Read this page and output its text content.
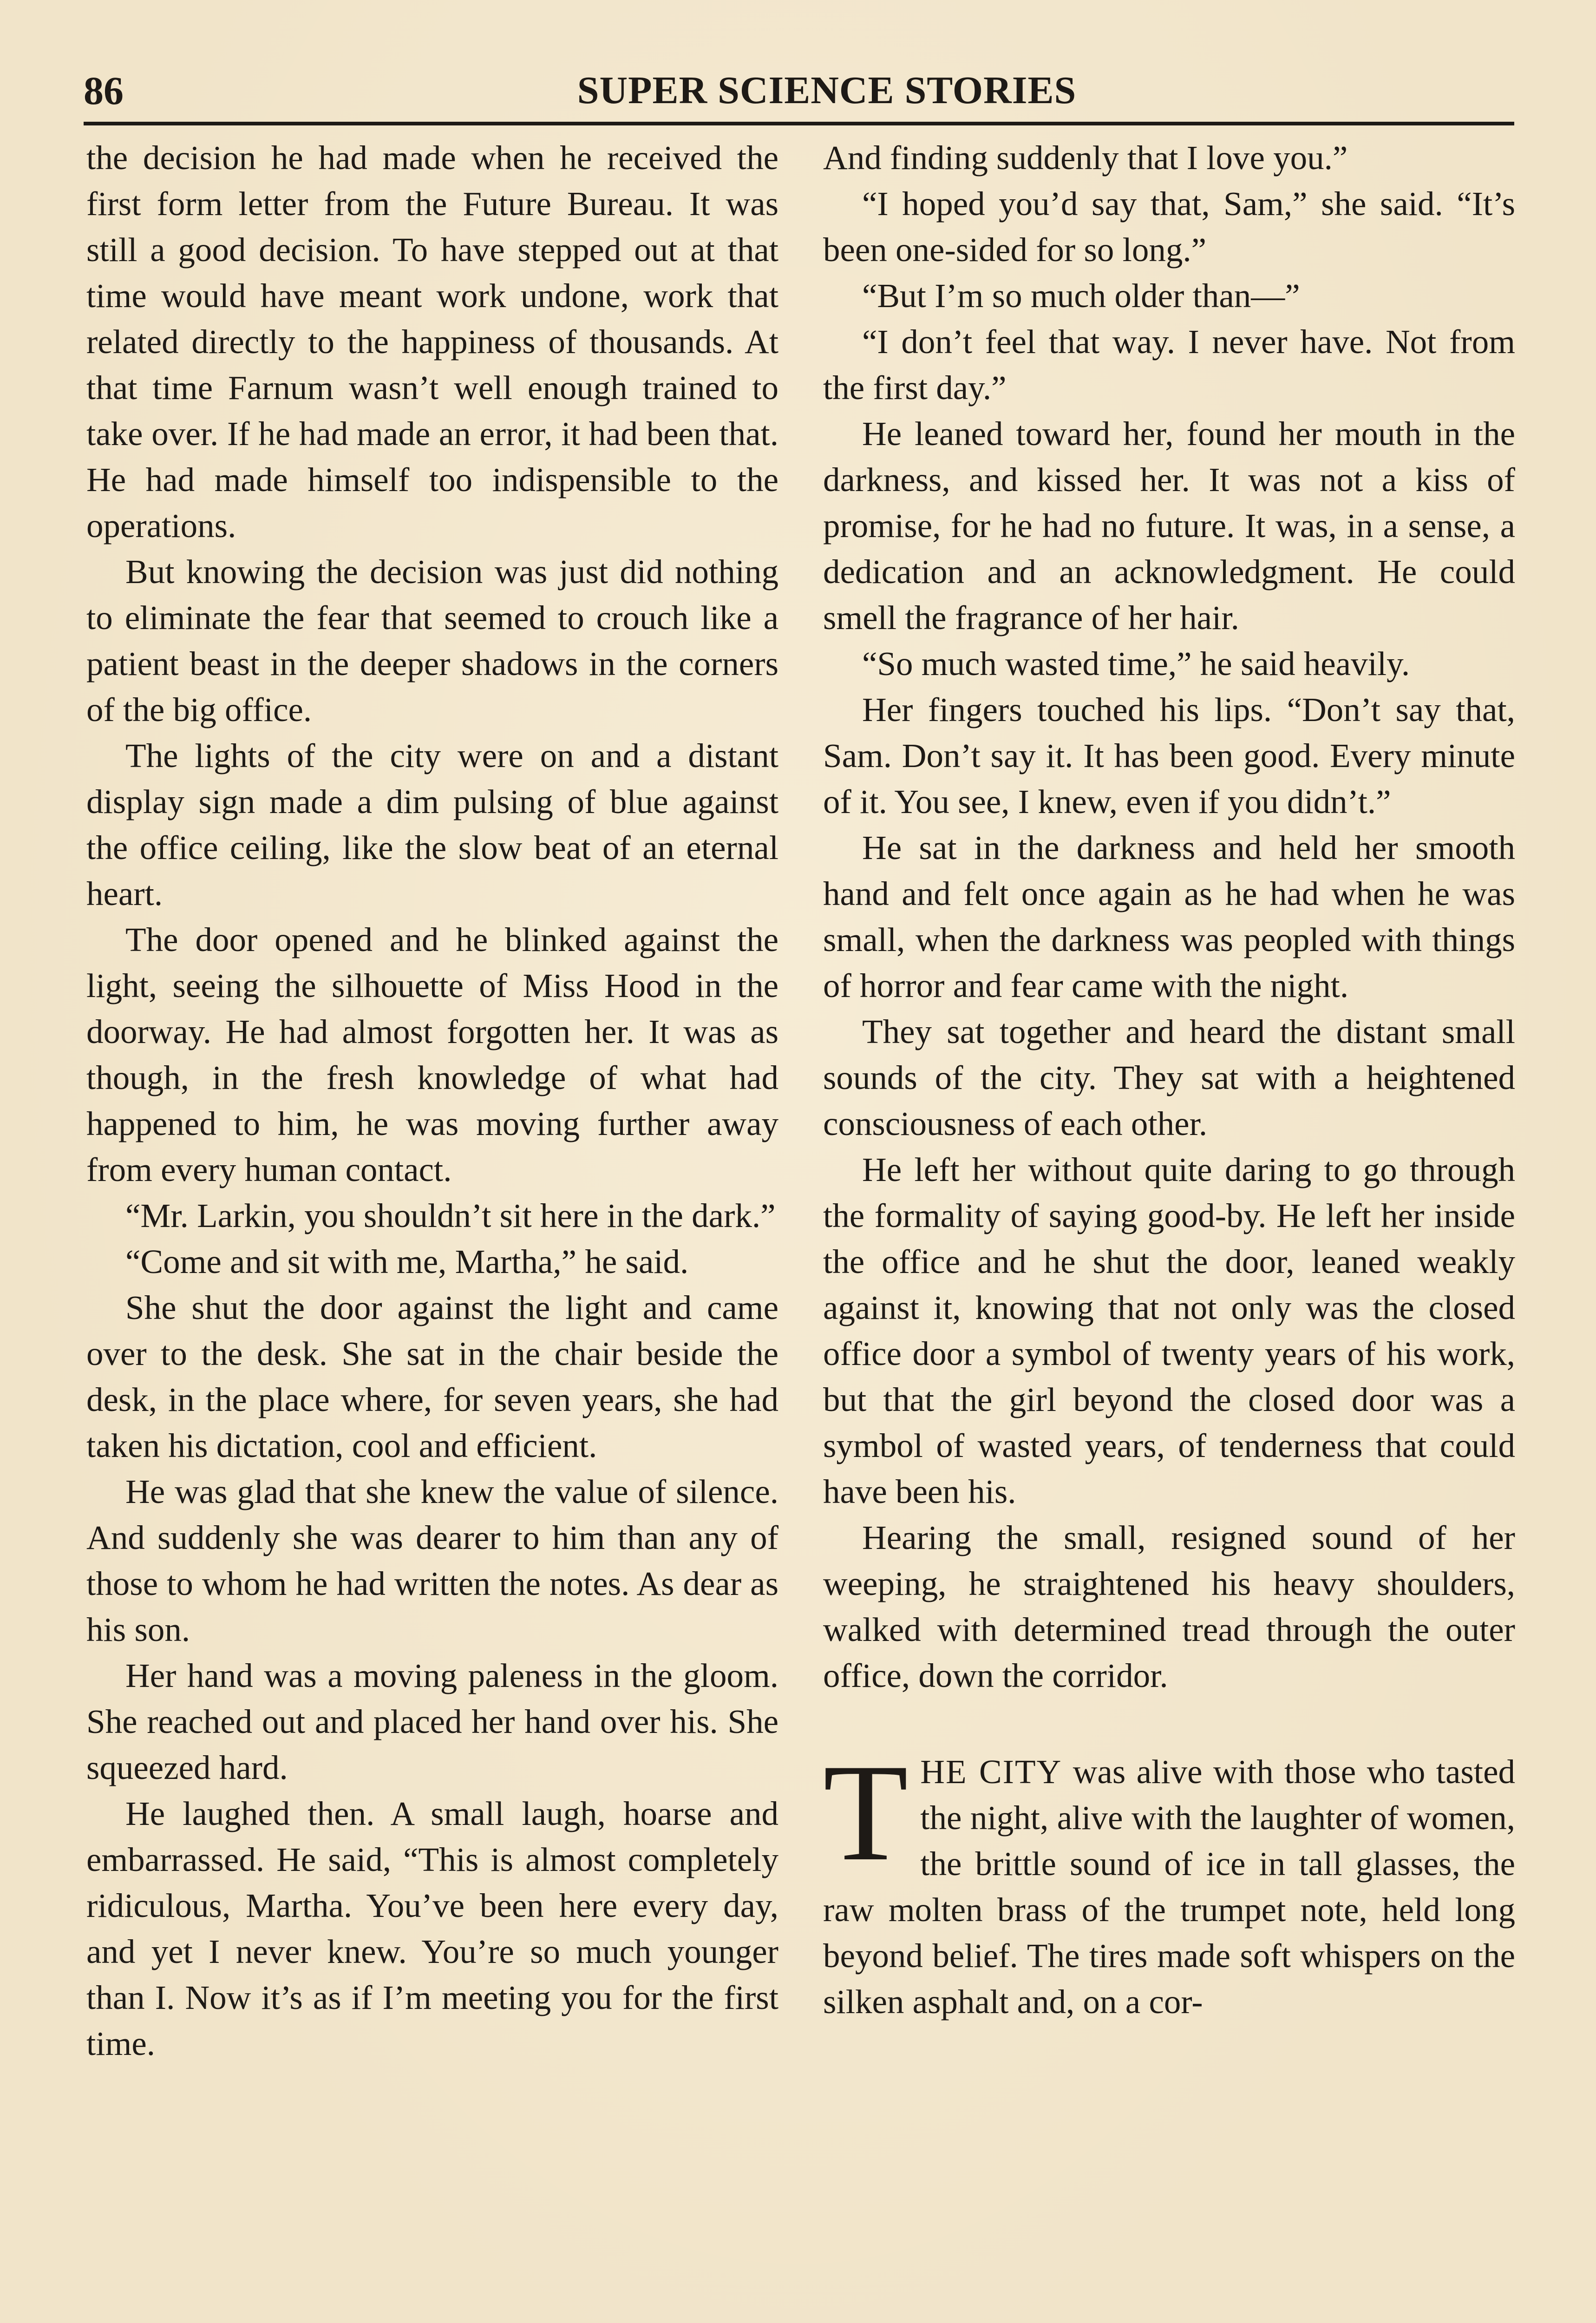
86	SUPER SCIENCE STORIES

the decision he had made when he received the first form letter from the Future Bureau. It was still a good decision. To have stepped out at that time would have meant work undone, work that related directly to the happiness of thousands. At that time Farnum wasn’t well enough trained to take over. If he had made an error, it had been that. He had made himself too indispensible to the operations.

But knowing the decision was just did nothing to eliminate the fear that seemed to crouch like a patient beast in the deeper shadows in the corners of the big office.

The lights of the city were on and a distant display sign made a dim pulsing of blue against the office ceiling, like the slow beat of an eternal heart.

The door opened and he blinked against the light, seeing the silhouette of Miss Hood in the doorway. He had almost forgotten her. It was as though, in the fresh knowledge of what had happened to him, he was moving further away from every human contact.

“Mr. Larkin, you shouldn’t sit here in the dark.”

“Come and sit with me, Martha,” he said.

She shut the door against the light and came over to the desk. She sat in the chair beside the desk, in the place where, for seven years, she had taken his dictation, cool and efficient.

He was glad that she knew the value of silence. And suddenly she was dearer to him than any of those to whom he had written the notes. As dear as his son.

Her hand was a moving paleness in the gloom. She reached out and placed her hand over his. She squeezed hard.

He laughed then. A small laugh, hoarse and embarrassed. He said, “This is almost completely ridiculous, Martha. You’ve been here every day, and yet I never knew. You’re so much younger than I. Now it’s as if I’m meeting you for the first time.

And finding suddenly that I love you.”

“I hoped you’d say that, Sam,” she said. “It’s been one-sided for so long.”

“But I’m so much older than—”

“I don’t feel that way. I never have. Not from the first day.”

He leaned toward her, found her mouth in the darkness, and kissed her. It was not a kiss of promise, for he had no future. It was, in a sense, a dedication and an acknowledgment. He could smell the fragrance of her hair.

“So much wasted time,” he said heavily.

Her fingers touched his lips. “Don’t say that, Sam. Don’t say it. It has been good. Every minute of it. You see, I knew, even if you didn’t.”

He sat in the darkness and held her smooth hand and felt once again as he had when he was small, when the darkness was peopled with things of horror and fear came with the night.

They sat together and heard the distant small sounds of the city. They sat with a heightened consciousness of each other.

He left her without quite daring to go through the formality of saying good-by. He left her inside the office and he shut the door, leaned weakly against it, knowing that not only was the closed office door a symbol of twenty years of his work, but that the girl beyond the closed door was a symbol of wasted years, of tenderness that could have been his.

Hearing the small, resigned sound of her weeping, he straightened his heavy shoulders, walked with determined tread through the outer office, down the corridor.

THE CITY was alive with those who tasted the night, alive with the laughter of women, the brittle sound of ice in tall glasses, the raw molten brass of the trumpet note, held long beyond belief. The tires made soft whispers on the silken asphalt and, on a cor-
